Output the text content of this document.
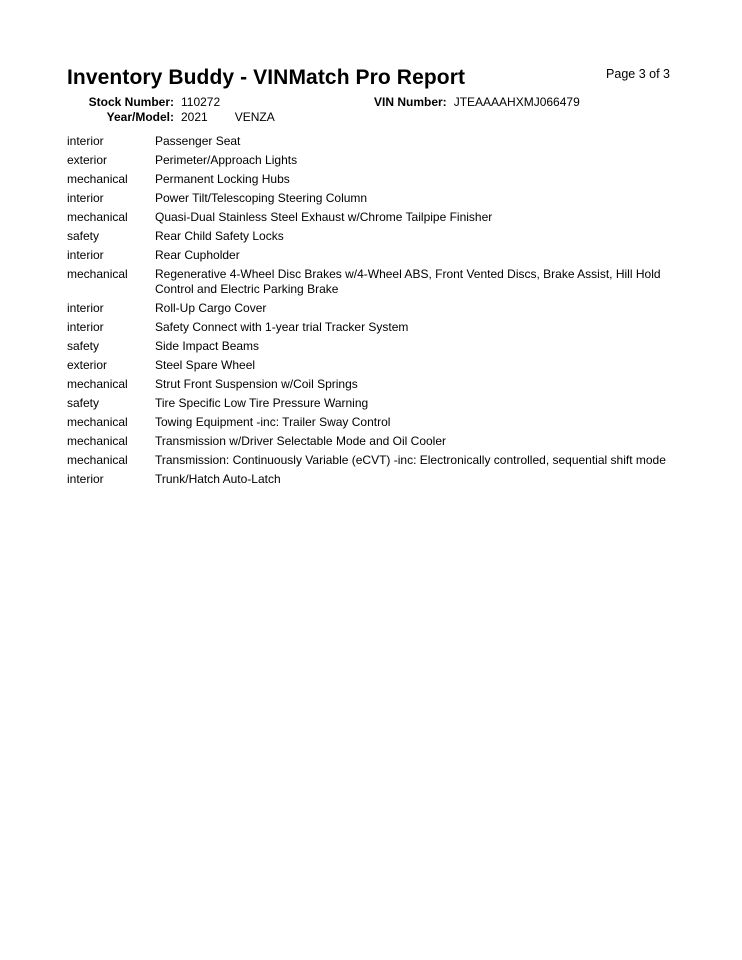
Inventory Buddy - VINMatch Pro Report	Page 3 of 3
Stock Number: 110272	VIN Number: JTEAAAAHXMJ066479
Year/Model: 2021 VENZA
interior	Passenger Seat
exterior	Perimeter/Approach Lights
mechanical	Permanent Locking Hubs
interior	Power Tilt/Telescoping Steering Column
mechanical	Quasi-Dual Stainless Steel Exhaust w/Chrome Tailpipe Finisher
safety	Rear Child Safety Locks
interior	Rear Cupholder
mechanical	Regenerative 4-Wheel Disc Brakes w/4-Wheel ABS, Front Vented Discs, Brake Assist, Hill Hold Control and Electric Parking Brake
interior	Roll-Up Cargo Cover
interior	Safety Connect with 1-year trial Tracker System
safety	Side Impact Beams
exterior	Steel Spare Wheel
mechanical	Strut Front Suspension w/Coil Springs
safety	Tire Specific Low Tire Pressure Warning
mechanical	Towing Equipment -inc: Trailer Sway Control
mechanical	Transmission w/Driver Selectable Mode and Oil Cooler
mechanical	Transmission: Continuously Variable (eCVT) -inc: Electronically controlled, sequential shift mode
interior	Trunk/Hatch Auto-Latch
